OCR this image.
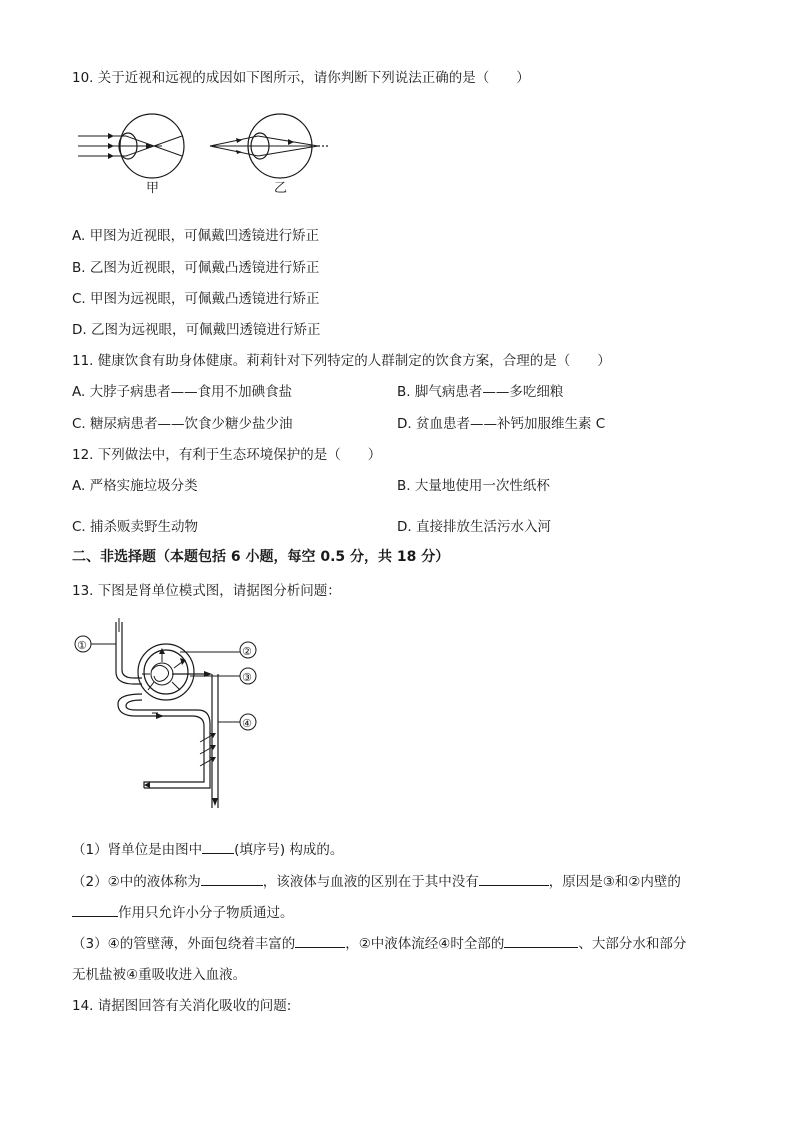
10. 关于近视和远视的成因如下图所示，请你判断下列说法正确的是（　　）
甲	乙
A. 甲图为近视眼，可佩戴凹透镜进行矫正
B. 乙图为近视眼，可佩戴凸透镜进行矫正
C. 甲图为远视眼，可佩戴凸透镜进行矫正
D. 乙图为远视眼，可佩戴凹透镜进行矫正
11. 健康饮食有助身体健康。莉莉针对下列特定的人群制定的饮食方案，合理的是（　　）
A. 大脖子病患者——食用不加碘食盐	B. 脚气病患者——多吃细粮
C. 糖尿病患者——饮食少糖少盐少油	D. 贫血患者——补钙加服维生素 C
12. 下列做法中，有利于生态环境保护的是（　　）
A. 严格实施垃圾分类	B. 大量地使用一次性纸杯
C. 捕杀贩卖野生动物	D. 直接排放生活污水入河
二、非选择题（本题包括 6 小题，每空 0.5 分，共 18 分）
13. 下图是肾单位模式图，请据图分析问题：
①	②
③
④
（1）肾单位是由图中 (填序号) 构成的。
（2）②中的液体称为	，该液体与血液的区别在于其中没有	，原因是③和②内壁的
作用只允许小分子物质通过。
（3）④的管壁薄，外面包绕着丰富的	，②中液体流经④时全部的	、大部分水和部分
无机盐被④重吸收进入血液。
14. 请据图回答有关消化吸收的问题:
